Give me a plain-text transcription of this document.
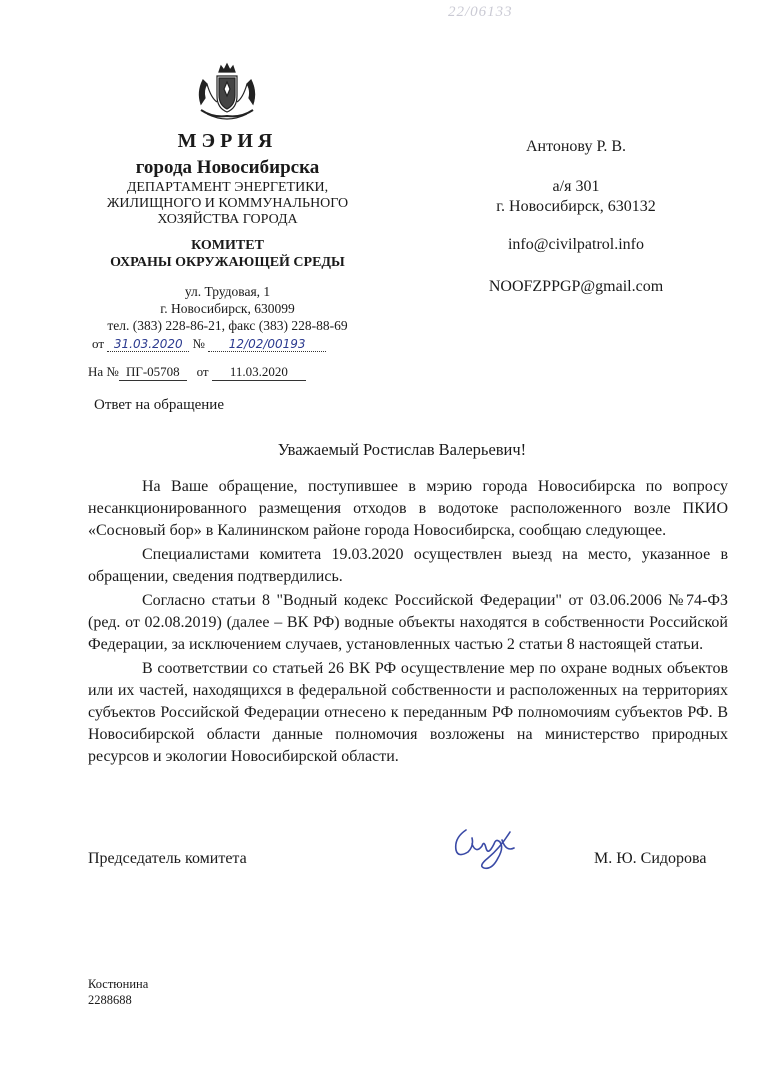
22/06133
МЭРИЯ
города Новосибирска
ДЕПАРТАМЕНТ ЭНЕРГЕТИКИ,
ЖИЛИЩНОГО И КОММУНАЛЬНОГО
ХОЗЯЙСТВА ГОРОДА
КОМИТЕТ
ОХРАНЫ ОКРУЖАЮЩЕЙ СРЕДЫ
ул. Трудовая, 1
г. Новосибирск, 630099
тел. (383) 228-86-21, факс (383) 228-88-69
от 31.03.2020 № 12/02/00193
На № ПГ-05708 от 11.03.2020
Антонову Р. В.
а/я 301
г. Новосибирск, 630132
info@civilpatrol.info
NOOFZPPGP@gmail.com
Ответ на обращение
Уважаемый Ростислав Валерьевич!

На Ваше обращение, поступившее в мэрию города Новосибирска по вопросу несанкционированного размещения отходов в водотоке расположенного возле ПКИО «Сосновый бор» в Калининском районе города Новосибирска, сообщаю следующее.

Специалистами комитета 19.03.2020 осуществлен выезд на место, указанное в обращении, сведения подтвердились.

Согласно статьи 8 "Водный кодекс Российской Федерации" от 03.06.2006 №74-ФЗ (ред. от 02.08.2019) (далее – ВК РФ) водные объекты находятся в собственности Российской Федерации, за исключением случаев, установленных частью 2 статьи 8 настоящей статьи.

В соответствии со статьей 26 ВК РФ осуществление мер по охране водных объектов или их частей, находящихся в федеральной собственности и расположенных на территориях субъектов Российской Федерации отнесено к переданным РФ полномочиям субъектов РФ. В Новосибирской области данные полномочия возложены на министерство природных ресурсов и экологии Новосибирской области.

Председатель комитета	М. Ю. Сидорова
Костюнина
2288688
